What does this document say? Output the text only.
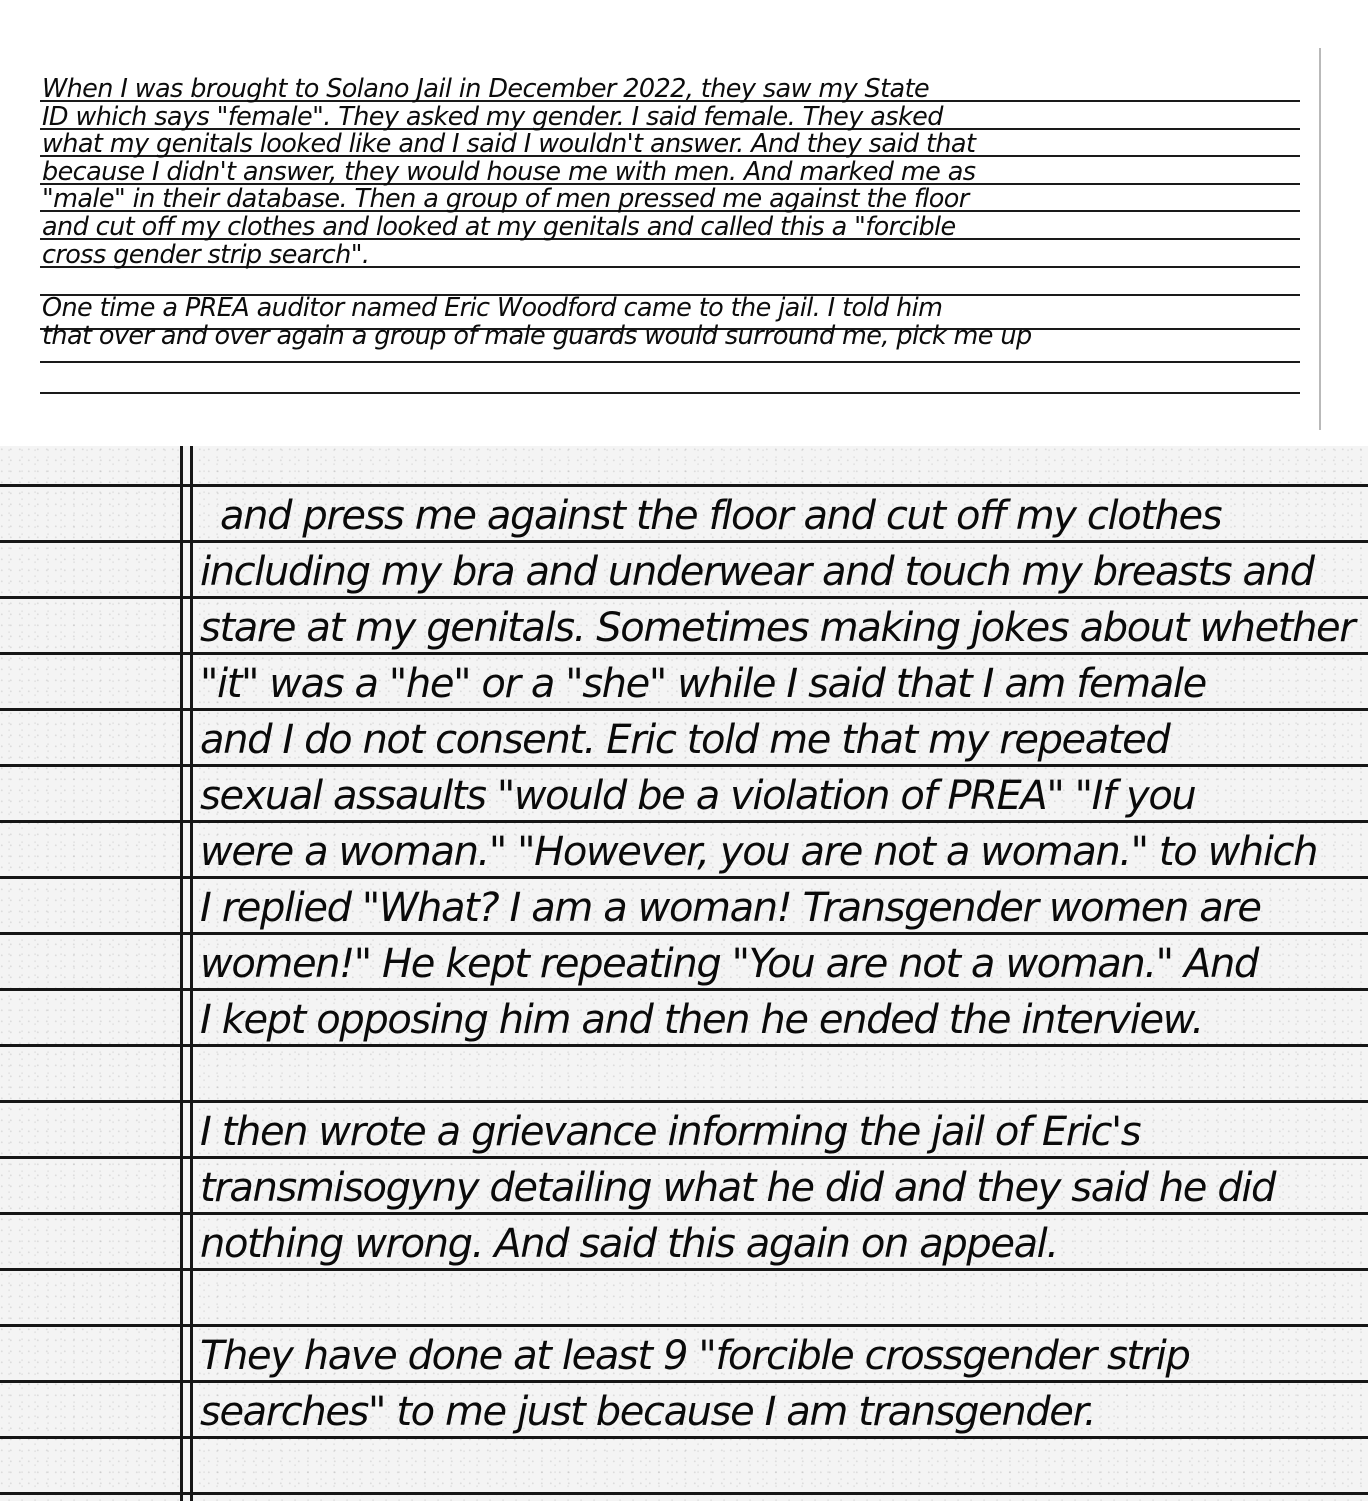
When I was brought to Solano Jail in December 2022, they saw my State
ID which says "female". They asked my gender. I said female. They asked
what my genitals looked like and I said I wouldn't answer. And they said that
because I didn't answer, they would house me with men. And marked me as
"male" in their database. Then a group of men pressed me against the floor
and cut off my clothes and looked at my genitals and called this a "forcible
cross gender strip search".
One time a PREA auditor named Eric Woodford came to the jail. I told him
that over and over again a group of male guards would surround me, pick me up
and press me against the floor and cut off my clothes
including my bra and underwear and touch my breasts and
stare at my genitals. Sometimes making jokes about whether
"it" was a "he" or a "she" while I said that I am female
and I do not consent. Eric told me that my repeated
sexual assaults "would be a violation of PREA" "If you
were a woman." "However, you are not a woman." to which
I replied "What? I am a woman! Transgender women are
women!" He kept repeating "You are not a woman." And
I kept opposing him and then he ended the interview.
I then wrote a grievance informing the jail of Eric's
transmisogyny detailing what he did and they said he did
nothing wrong. And said this again on appeal.
They have done at least 9 "forcible crossgender strip
searches" to me just because I am transgender.
